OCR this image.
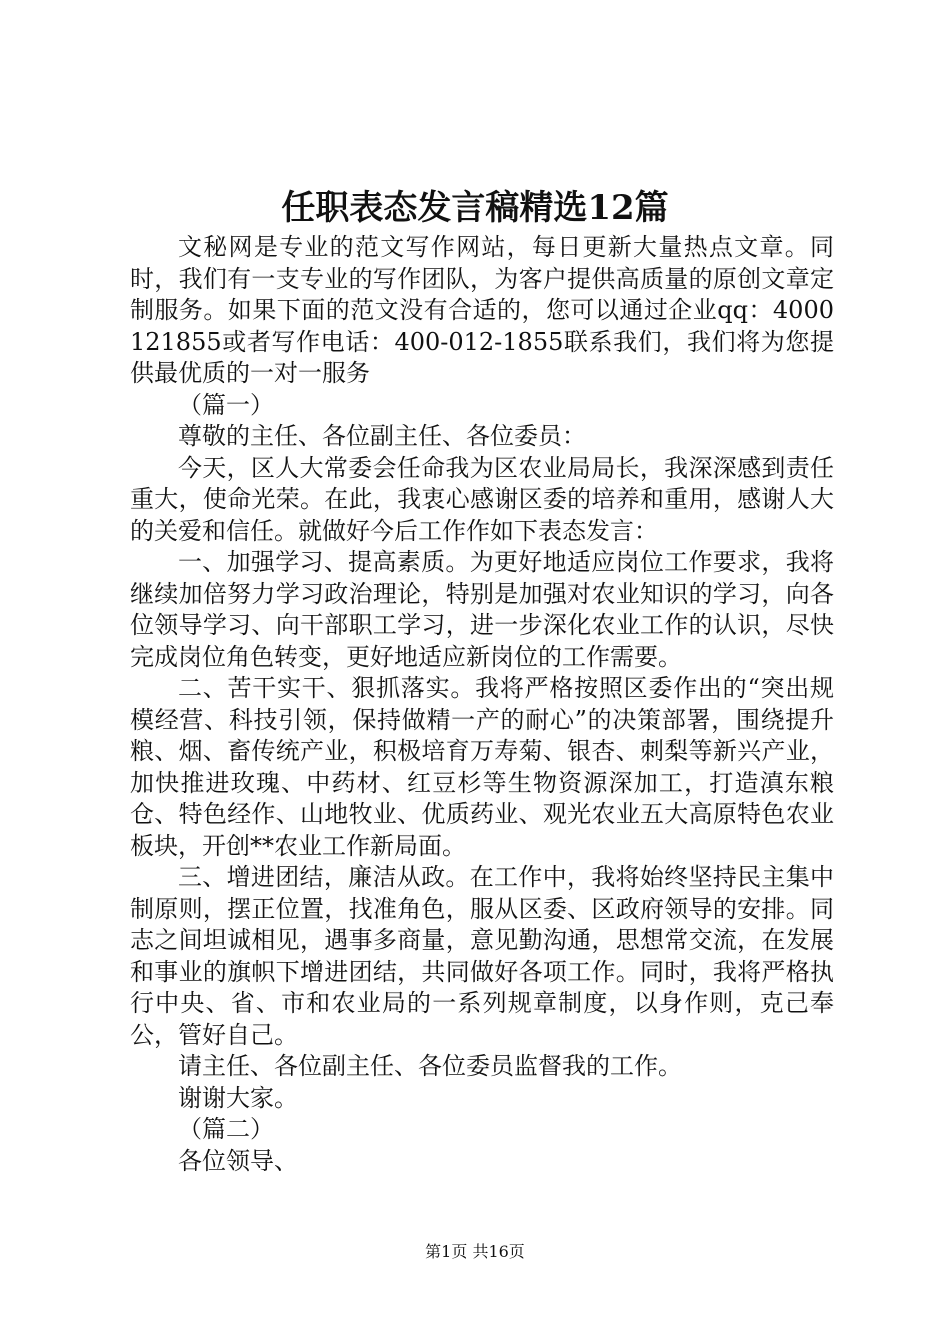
任职表态发言稿精选12篇

文秘网是专业的范文写作网站，每日更新大量热点文章。同时，我们有一支专业的写作团队，为客户提供高质量的原创文章定制服务。如果下面的范文没有合适的，您可以通过企业qq：4000121855或者写作电话：400-012-1855联系我们，我们将为您提供最优质的一对一服务

（篇一）

尊敬的主任、各位副主任、各位委员：

今天，区人大常委会任命我为区农业局局长，我深深感到责任重大，使命光荣。在此，我衷心感谢区委的培养和重用，感谢人大的关爱和信任。就做好今后工作作如下表态发言：

一、加强学习、提高素质。为更好地适应岗位工作要求，我将继续加倍努力学习政治理论，特别是加强对农业知识的学习，向各位领导学习、向干部职工学习，进一步深化农业工作的认识，尽快完成岗位角色转变，更好地适应新岗位的工作需要。

二、苦干实干、狠抓落实。我将严格按照区委作出的“突出规模经营、科技引领，保持做精一产的耐心”的决策部署，围绕提升粮、烟、畜传统产业，积极培育万寿菊、银杏、刺梨等新兴产业，加快推进玫瑰、中药材、红豆杉等生物资源深加工，打造滇东粮仓、特色经作、山地牧业、优质药业、观光农业五大高原特色农业板块，开创**农业工作新局面。

三、增进团结，廉洁从政。在工作中，我将始终坚持民主集中制原则，摆正位置，找准角色，服从区委、区政府领导的安排。同志之间坦诚相见，遇事多商量，意见勤沟通，思想常交流，在发展和事业的旗帜下增进团结，共同做好各项工作。同时，我将严格执行中央、省、市和农业局的一系列规章制度，以身作则，克己奉公，管好自己。

请主任、各位副主任、各位委员监督我的工作。

谢谢大家。

（篇二）

各位领导、

第1页 共16页
